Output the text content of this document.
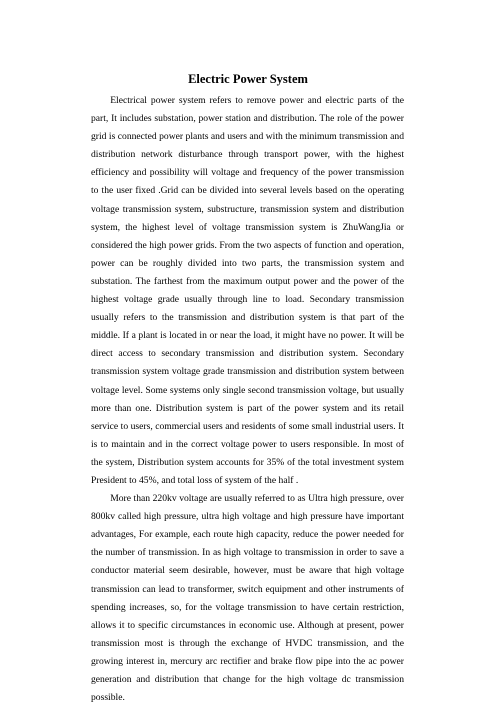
Electric Power System

Electrical power system refers to remove power and electric parts of the part, It includes substation, power station and distribution. The role of the power grid is connected power plants and users and with the minimum transmission and distribution network disturbance through transport power, with the highest efficiency and possibility will voltage and frequency of the power transmission to the user fixed .Grid can be divided into several levels based on the operating voltage transmission system, substructure, transmission system and distribution system, the highest level of voltage transmission system is ZhuWangJia or considered the high power grids. From the two aspects of function and operation, power can be roughly divided into two parts, the transmission system and substation. The farthest from the maximum output power and the power of the highest voltage grade usually through line to load. Secondary transmission usually refers to the transmission and distribution system is that part of the middle. If a plant is located in or near the load, it might have no power. It will be direct access to secondary transmission and distribution system. Secondary transmission system voltage grade transmission and distribution system between voltage level. Some systems only single second transmission voltage, but usually more than one. Distribution system is part of the power system and its retail service to users, commercial users and residents of some small industrial users. It is to maintain and in the correct voltage power to users responsible. In most of the system, Distribution system accounts for 35% of the total investment system President to 45%, and total loss of system of the half .

More than 220kv voltage are usually referred to as Ultra high pressure, over 800kv called high pressure, ultra high voltage and high pressure have important advantages, For example, each route high capacity, reduce the power needed for the number of transmission. In as high voltage to transmission in order to save a conductor material seem desirable, however, must be aware that high voltage transmission can lead to transformer, switch equipment and other instruments of spending increases, so, for the voltage transmission to have certain restriction, allows it to specific circumstances in economic use. Although at present, power transmission most is through the exchange of HVDC transmission, and the growing interest in, mercury arc rectifier and brake flow pipe into the ac power generation and distribution that change for the high voltage dc transmission possible.
